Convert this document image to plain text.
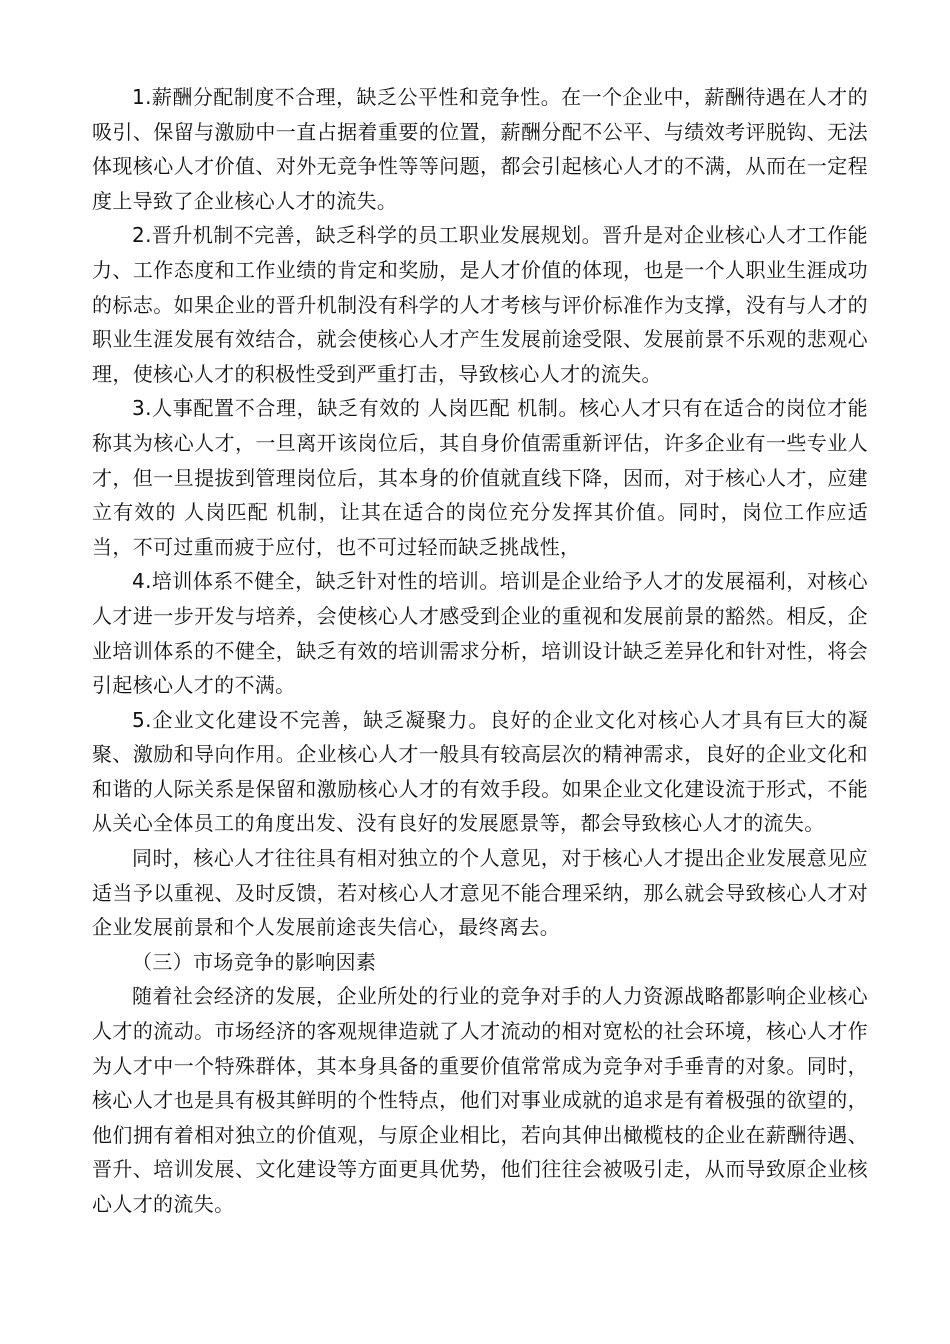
1.薪酬分配制度不合理，缺乏公平性和竞争性。在一个企业中，薪酬待遇在人才的吸引、保留与激励中一直占据着重要的位置，薪酬分配不公平、与绩效考评脱钩、无法体现核心人才价值、对外无竞争性等等问题，都会引起核心人才的不满，从而在一定程度上导致了企业核心人才的流失。

2.晋升机制不完善，缺乏科学的员工职业发展规划。晋升是对企业核心人才工作能力、工作态度和工作业绩的肯定和奖励，是人才价值的体现，也是一个人职业生涯成功的标志。如果企业的晋升机制没有科学的人才考核与评价标准作为支撑，没有与人才的职业生涯发展有效结合，就会使核心人才产生发展前途受限、发展前景不乐观的悲观心理，使核心人才的积极性受到严重打击，导致核心人才的流失。

3.人事配置不合理，缺乏有效的 人岗匹配 机制。核心人才只有在适合的岗位才能称其为核心人才，一旦离开该岗位后，其自身价值需重新评估，许多企业有一些专业人才，但一旦提拔到管理岗位后，其本身的价值就直线下降，因而，对于核心人才，应建立有效的 人岗匹配 机制，让其在适合的岗位充分发挥其价值。同时，岗位工作应适当，不可过重而疲于应付，也不可过轻而缺乏挑战性，

4.培训体系不健全，缺乏针对性的培训。培训是企业给予人才的发展福利，对核心人才进一步开发与培养，会使核心人才感受到企业的重视和发展前景的豁然。相反，企业培训体系的不健全，缺乏有效的培训需求分析，培训设计缺乏差异化和针对性，将会引起核心人才的不满。

5.企业文化建设不完善，缺乏凝聚力。良好的企业文化对核心人才具有巨大的凝聚、激励和导向作用。企业核心人才一般具有较高层次的精神需求，良好的企业文化和和谐的人际关系是保留和激励核心人才的有效手段。如果企业文化建设流于形式，不能从关心全体员工的角度出发、没有良好的发展愿景等，都会导致核心人才的流失。

同时，核心人才往往具有相对独立的个人意见，对于核心人才提出企业发展意见应适当予以重视、及时反馈，若对核心人才意见不能合理采纳，那么就会导致核心人才对企业发展前景和个人发展前途丧失信心，最终离去。

（三）市场竞争的影响因素

随着社会经济的发展，企业所处的行业的竞争对手的人力资源战略都影响企业核心人才的流动。市场经济的客观规律造就了人才流动的相对宽松的社会环境，核心人才作为人才中一个特殊群体，其本身具备的重要价值常常成为竞争对手垂青的对象。同时，核心人才也是具有极其鲜明的个性特点，他们对事业成就的追求是有着极强的欲望的，他们拥有着相对独立的价值观，与原企业相比，若向其伸出橄榄枝的企业在薪酬待遇、晋升、培训发展、文化建设等方面更具优势，他们往往会被吸引走，从而导致原企业核心人才的流失。
